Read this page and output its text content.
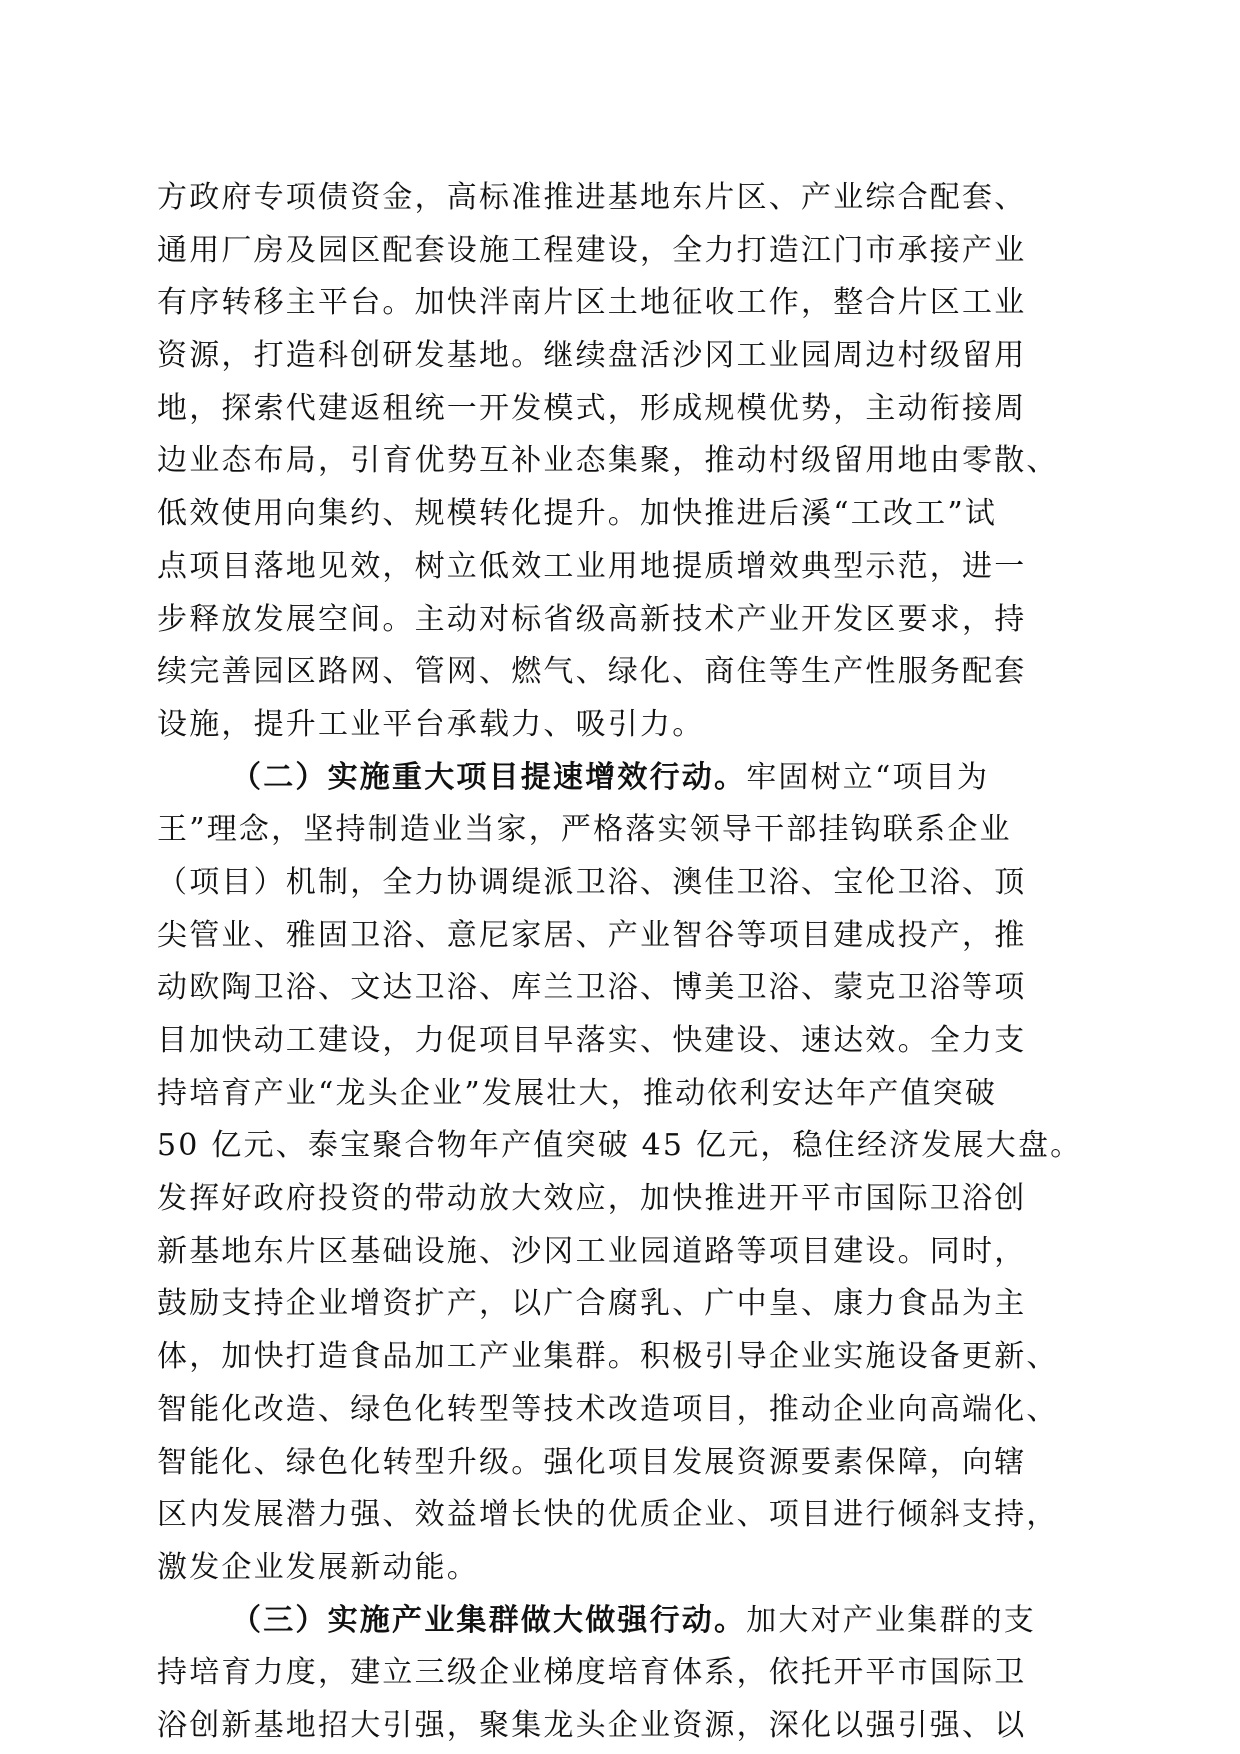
方政府专项债资金，高标准推进基地东片区、产业综合配套、
通用厂房及园区配套设施工程建设，全力打造江门市承接产业
有序转移主平台。加快泮南片区土地征收工作，整合片区工业
资源，打造科创研发基地。继续盘活沙冈工业园周边村级留用
地，探索代建返租统一开发模式，形成规模优势，主动衔接周
边业态布局，引育优势互补业态集聚，推动村级留用地由零散、
低效使用向集约、规模转化提升。加快推进后溪“工改工”试
点项目落地见效，树立低效工业用地提质增效典型示范，进一
步释放发展空间。主动对标省级高新技术产业开发区要求，持
续完善园区路网、管网、燃气、绿化、商住等生产性服务配套
设施，提升工业平台承载力、吸引力。
（二）实施重大项目提速增效行动。牢固树立“项目为
王”理念，坚持制造业当家，严格落实领导干部挂钩联系企业
（项目）机制，全力协调缇派卫浴、澳佳卫浴、宝伦卫浴、顶
尖管业、雅固卫浴、意尼家居、产业智谷等项目建成投产，推
动欧陶卫浴、文达卫浴、库兰卫浴、博美卫浴、蒙克卫浴等项
目加快动工建设，力促项目早落实、快建设、速达效。全力支
持培育产业“龙头企业”发展壮大，推动依利安达年产值突破
50 亿元、泰宝聚合物年产值突破 45 亿元，稳住经济发展大盘。
发挥好政府投资的带动放大效应，加快推进开平市国际卫浴创
新基地东片区基础设施、沙冈工业园道路等项目建设。同时，
鼓励支持企业增资扩产，以广合腐乳、广中皇、康力食品为主
体，加快打造食品加工产业集群。积极引导企业实施设备更新、
智能化改造、绿色化转型等技术改造项目，推动企业向高端化、
智能化、绿色化转型升级。强化项目发展资源要素保障，向辖
区内发展潜力强、效益增长快的优质企业、项目进行倾斜支持，
激发企业发展新动能。
（三）实施产业集群做大做强行动。加大对产业集群的支
持培育力度，建立三级企业梯度培育体系，依托开平市国际卫
浴创新基地招大引强，聚集龙头企业资源，深化以强引强、以
